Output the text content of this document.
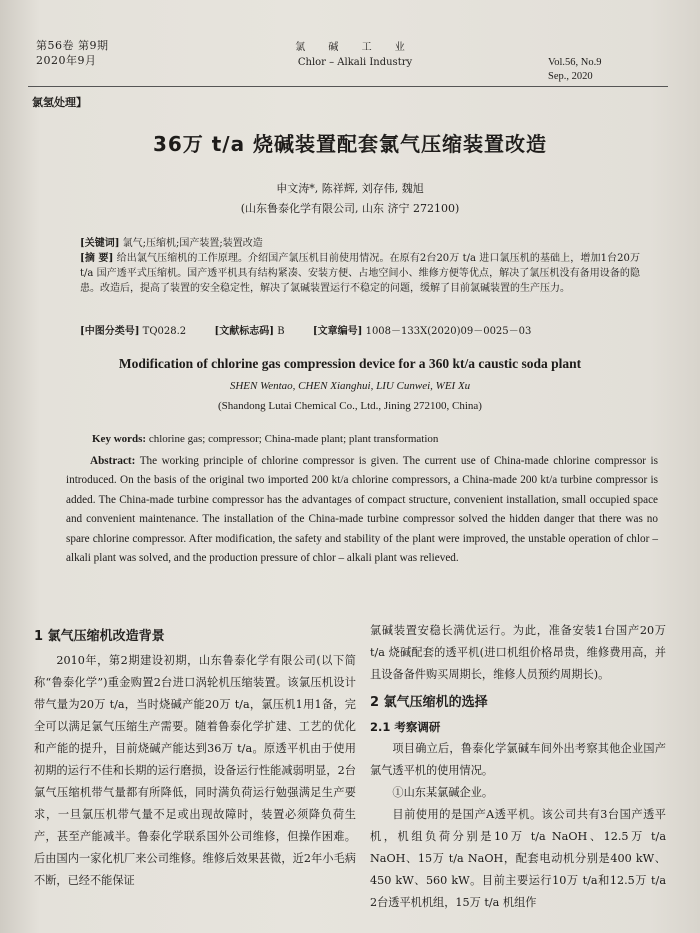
第56卷 第9期
2020年9月
氯 碱 工 业
Chlor – Alkali Industry	Vol.56, No.9
Sep., 2020
氯氢处理】
36万 t/a 烧碱装置配套氯气压缩装置改造
申文涛*, 陈祥辉, 刘存伟, 魏旭
(山东鲁泰化学有限公司, 山东 济宁 272100)
[关键词] 氯气;压缩机;国产装置;装置改造
[摘 要] 给出氯气压缩机的工作原理。介绍国产氯压机目前使用情况。在原有2台20万 t/a 进口氯压机的基础上，增加1台20万 t/a 国产透平式压缩机。国产透平机具有结构紧凑、安装方便、占地空间小、维修方便等优点，解决了氯压机没有备用设备的隐患。改造后，提高了装置的安全稳定性，解决了氯碱装置运行不稳定的问题，缓解了目前氯碱装置的生产压力。
[中图分类号] TQ028.2	[文献标志码] B	[文章编号] 1008－133X(2020)09－0025－03
Modification of chlorine gas compression device for a 360 kt/a caustic soda plant
SHEN Wentao, CHEN Xianghui, LIU Cunwei, WEI Xu
(Shandong Lutai Chemical Co., Ltd., Jining 272100, China)
Key words: chlorine gas; compressor; China-made plant; plant transformation
Abstract: The working principle of chlorine compressor is given. The current use of China-made chlorine compressor is introduced. On the basis of the original two imported 200 kt/a chlorine compressors, a China-made 200 kt/a turbine compressor is added. The China-made turbine compressor has the advantages of compact structure, convenient installation, small occupied space and convenient maintenance. The installation of the China-made turbine compressor solved the hidden danger that there was no spare chlorine compressor. After modification, the safety and stability of the plant were improved, the unstable operation of chlor – alkali plant was solved, and the production pressure of chlor – alkali plant was relieved.
1 氯气压缩机改造背景

2010年，第2期建设初期，山东鲁泰化学有限公司(以下简称“鲁泰化学”)重金购置2台进口涡轮机压缩装置。该氯压机设计带气量为20万 t/a，当时烧碱产能20万 t/a，氯压机1用1备，完全可以满足氯气压缩生产需要。随着鲁泰化学扩建、工艺的优化和产能的提升，目前烧碱产能达到36万 t/a。原透平机由于使用初期的运行不佳和长期的运行磨损，设备运行性能减弱明显，2台氯气压缩机带气量都有所降低，同时满负荷运行勉强满足生产要求，一旦氯压机带气量不足或出现故障时，装置必须降负荷生产，甚至产能减半。鲁泰化学联系国外公司维修，但操作困难。后由国内一家化机厂来公司维修。维修后效果甚微，近2年小毛病不断，已经不能保证

氯碱装置安稳长满优运行。为此，准备安装1台国产20万 t/a 烧碱配套的透平机(进口机组价格昂贵，维修费用高，并且设备备件购买周期长，维修人员预约周期长)。

2 氯气压缩机的选择
2.1 考察调研

项目确立后，鲁泰化学氯碱车间外出考察其他企业国产氯气透平机的使用情况。

①山东某氯碱企业。

目前使用的是国产A透平机。该公司共有3台国产透平机，机组负荷分别是10万 t/a NaOH、12.5万 t/a NaOH、15万 t/a NaOH，配套电动机分别是400 kW、450 kW、560 kW。目前主要运行10万 t/a和12.5万 t/a 2台透平机机组，15万 t/a 机组作
